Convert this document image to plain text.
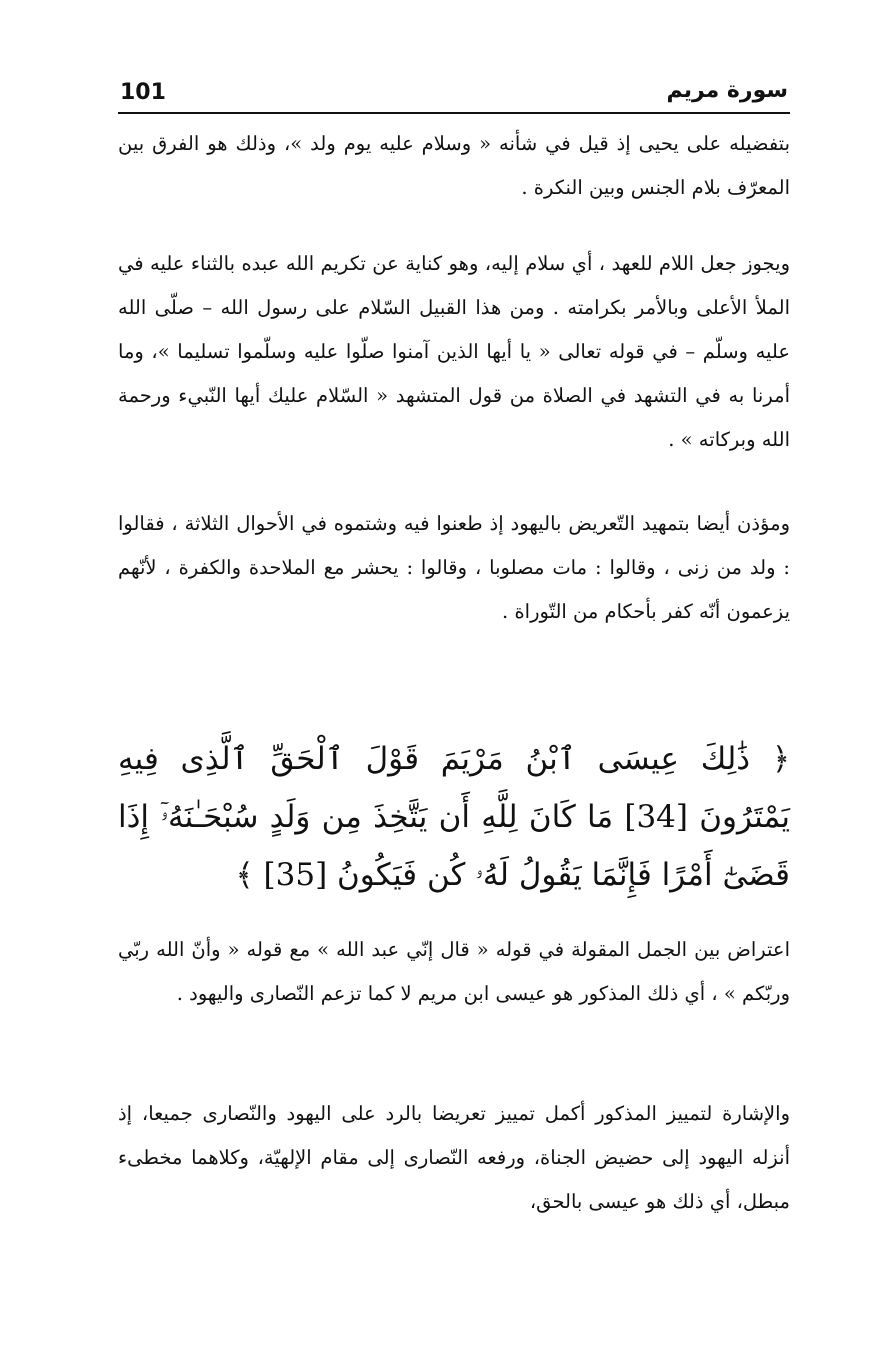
101	سورة مريم

بتفضيله على يحيى إذ قيل في شأنه « وسلام عليه يوم ولد »، وذلك هو الفرق بين المعرّف بلام الجنس وبين النكرة .

ويجوز جعل اللام للعهد ، أي سلام إليه، وهو كناية عن تكريم الله عبده بالثناء عليه في الملأ الأعلى وبالأمر بكرامته . ومن هذا القبيل السّلام على رسول الله – صلّى الله عليه وسلّم – في قوله تعالى « يا أيها الذين آمنوا صلّوا عليه وسلّموا تسليما »، وما أمرنا به في التشهد في الصلاة من قول المتشهد « السّلام عليك أيها النّبيء ورحمة الله وبركاته » .

ومؤذن أيضا بتمهيد التّعريض باليهود إذ طعنوا فيه وشتموه في الأحوال الثلاثة ، فقالوا : ولد من زنى ، وقالوا : مات مصلوبا ، وقالوا : يحشر مع الملاحدة والكفرة ، لأنّهم يزعمون أنّه كفر بأحكام من التّوراة .

﴿ ذَٰلِكَ عِيسَى ٱبْنُ مَرْيَمَ قَوْلَ ٱلْحَقِّ ٱلَّذِى فِيهِ يَمْتَرُونَ [34] مَا كَانَ لِلَّهِ أَن يَتَّخِذَ مِن وَلَدٍ سُبْحَـٰنَهُۥٓ إِذَا قَضَىٰٓ أَمْرًا فَإِنَّمَا يَقُولُ لَهُۥ كُن فَيَكُونُ [35] ﴾

اعتراض بين الجمل المقولة في قوله « قال إنّي عبد الله » مع قوله « وأنّ الله ربّي وربّكم » ، أي ذلك المذكور هو عيسى ابن مريم لا كما تزعم النّصارى واليهود .

والإشارة لتمييز المذكور أكمل تمييز تعريضا بالرد على اليهود والنّصارى جميعا، إذ أنزله اليهود إلى حضيض الجناة، ورفعه النّصارى إلى مقام الإلهيّة، وكلاهما مخطىء مبطل، أي ذلك هو عيسى بالحق،
